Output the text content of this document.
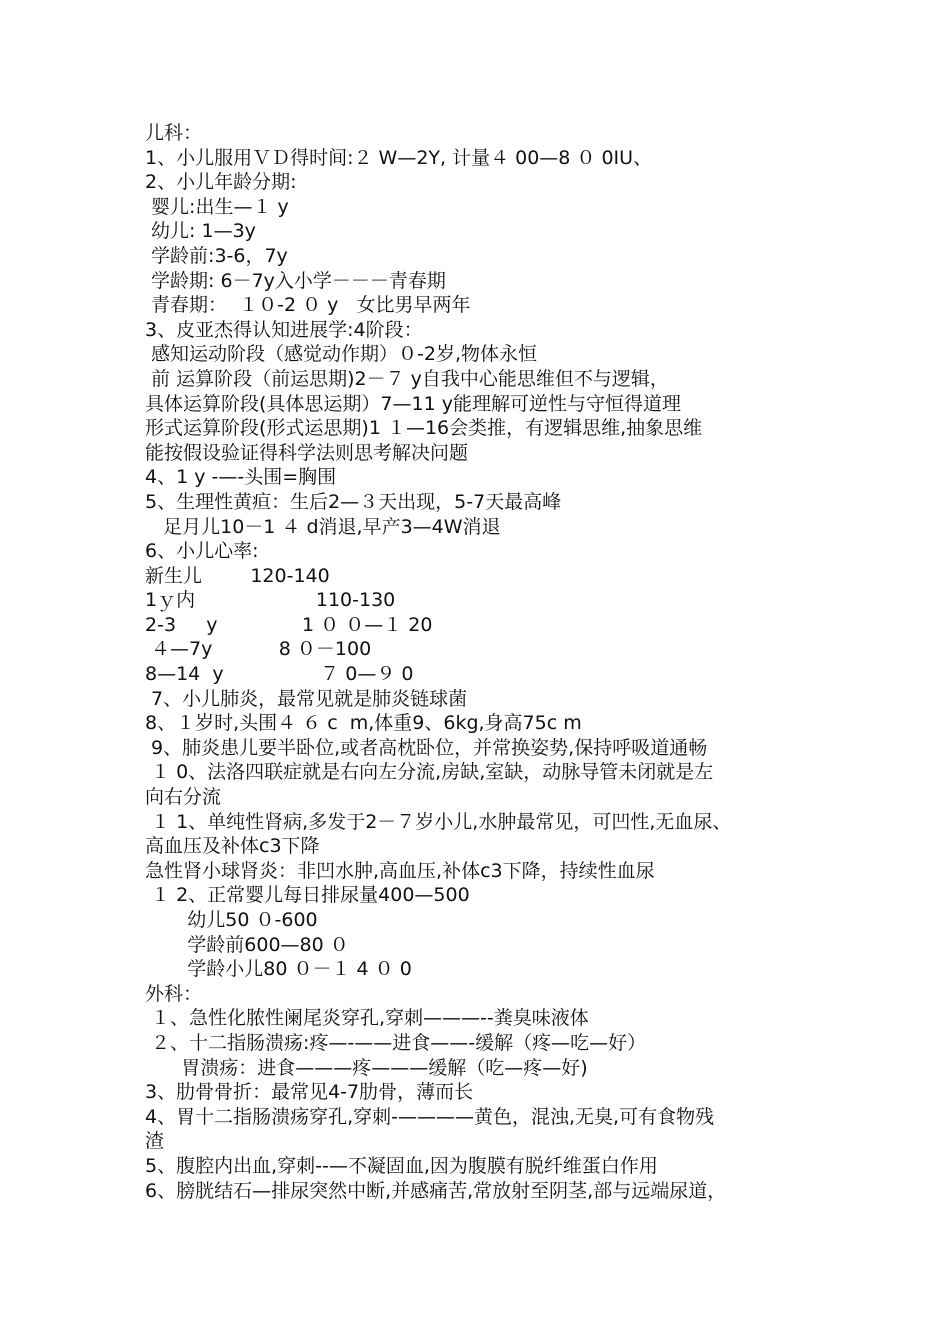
儿科：
1、小儿服用ＶＤ得时间:２ W—2Y, 计量４ 00—8 ０ 0IU、
2、小儿年龄分期:
婴儿:出生—１ y
幼儿: 1—3y
学龄前:3-6，7y
学龄期: 6－7y入小学－－－青春期
青春期：  １０-2 ０ y   女比男早两年
3、皮亚杰得认知进展学:4阶段：
感知运动阶段（感觉动作期）０-2岁,物体永恒
前 运算阶段（前运思期)2－７ y自我中心能思维但不与逻辑，
具体运算阶段(具体思运期）7—11 y能理解可逆性与守恒得道理
形式运算阶段(形式运思期)1 １—16会类推，有逻辑思维,抽象思维
能按假设验证得科学法则思考解决问题
4、1 y -—-头围=胸围
5、生理性黄疸：生后2—３天出现，5-7天最高峰
足月儿10－1 ４ d消退,早产3—4W消退
6、小儿心率:
新生儿        120-140
1ｙ内                    110-130
2-3     y              1 ０ ０—１ 20
４—7y           8 ０－100
8—14  y                ７ 0—９ 0
7、小儿肺炎，最常见就是肺炎链球菌
8、１岁时,头围４ ６ c  m,体重9、6kg,身高75c m
9、肺炎患儿要半卧位,或者高枕卧位，并常换姿势,保持呼吸道通畅
１ 0、法洛四联症就是右向左分流,房缺,室缺，动脉导管未闭就是左
向右分流
１ 1、单纯性肾病,多发于2－７岁小儿,水肿最常见，可凹性,无血尿、
高血压及补体c3下降
急性肾小球肾炎：非凹水肿,高血压,补体c3下降，持续性血尿
１ 2、正常婴儿每日排尿量400—500
幼儿50 ０-600
学龄前600—80 ０
学龄小儿80 ０－１ 4 ０ 0
外科：
１、急性化脓性阑尾炎穿孔,穿刺———--粪臭味液体
２、十二指肠溃疡:疼—-——进食——-缓解（疼—吃—好）
胃溃疡：进食———疼———缓解（吃—疼—好)
3、肋骨骨折：最常见4-7肋骨，薄而长
4、胃十二指肠溃疡穿孔,穿刺-————黄色，混浊,无臭,可有食物残
渣
5、腹腔内出血,穿刺--—不凝固血,因为腹膜有脱纤维蛋白作用
6、膀胱结石—排尿突然中断,并感痛苦,常放射至阴茎,部与远端尿道，
